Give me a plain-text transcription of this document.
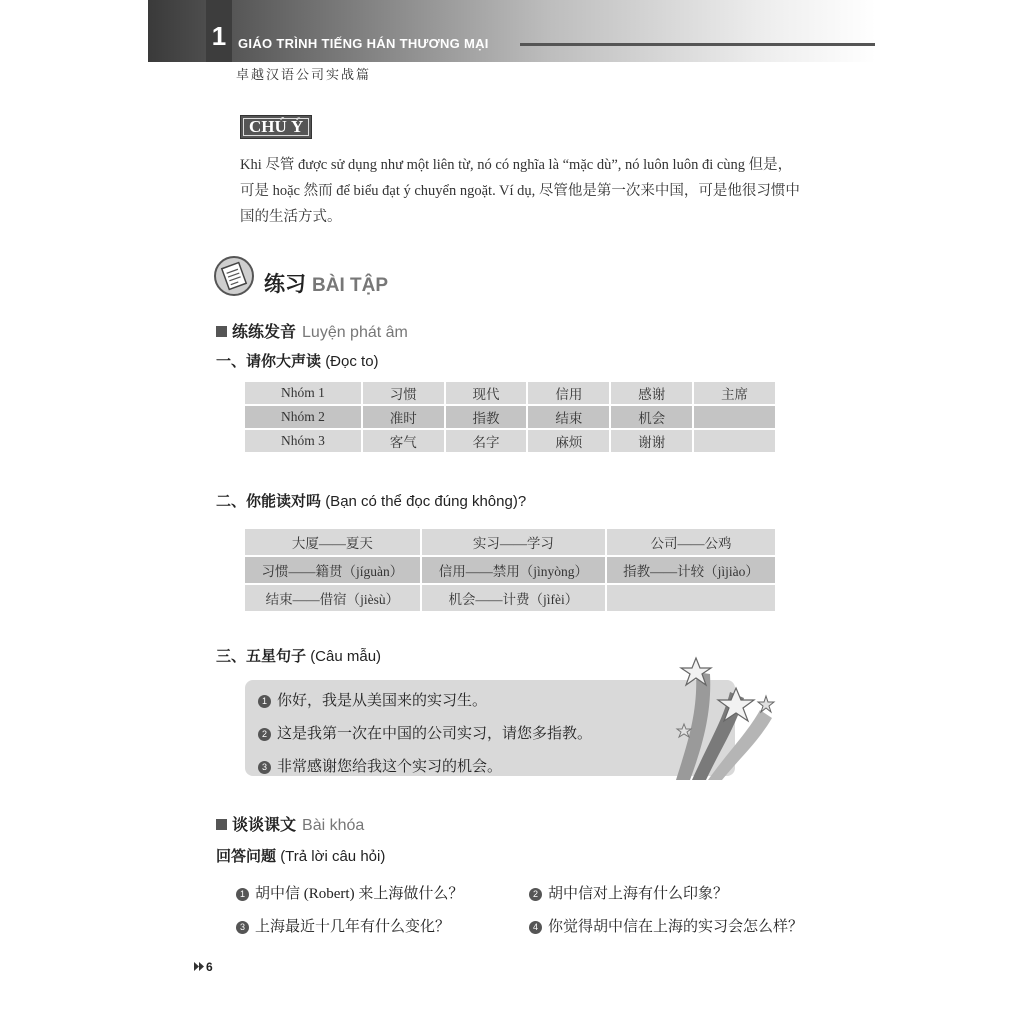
1 GIÁO TRÌNH TIẾNG HÁN THƯƠNG MẠI
卓越汉语公司实战篇
CHÚ Ý
Khi 尽管 được sử dụng như một liên từ, nó có nghĩa là “mặc dù”, nó luôn luôn đi cùng 但是，可是 hoặc 然而 để biểu đạt ý chuyển ngoặt. Ví dụ, 尽管他是第一次来中国，可是他很习惯中国的生活方式。
练习 BÀI TẬP
练练发音 Luyện phát âm
一、请你大声读 (Đọc to)
Nhóm 1	习惯	现代	信用	感谢	主席
Nhóm 2	准时	指教	结束	机会	
Nhóm 3	客气	名字	麻烦	谢谢	
二、你能读对吗 (Bạn có thể đọc đúng không)?
大厦——夏天	实习——学习	公司——公鸡
习惯——籍贯（jíguàn）	信用——禁用（jìnyòng）	指教——计较（jìjiào）
结束——借宿（jièsù）	机会——计费（jìfèi）	
三、五星句子 (Câu mẫu)
1 你好，我是从美国来的实习生。
2 这是我第一次在中国的公司实习，请您多指教。
3 非常感谢您给我这个实习的机会。
谈谈课文 Bài khóa
回答问题 (Trả lời câu hỏi)
1 胡中信 (Robert) 来上海做什么？	2 胡中信对上海有什么印象？
3 上海最近十几年有什么变化？	4 你觉得胡中信在上海的实习会怎么样？
6
